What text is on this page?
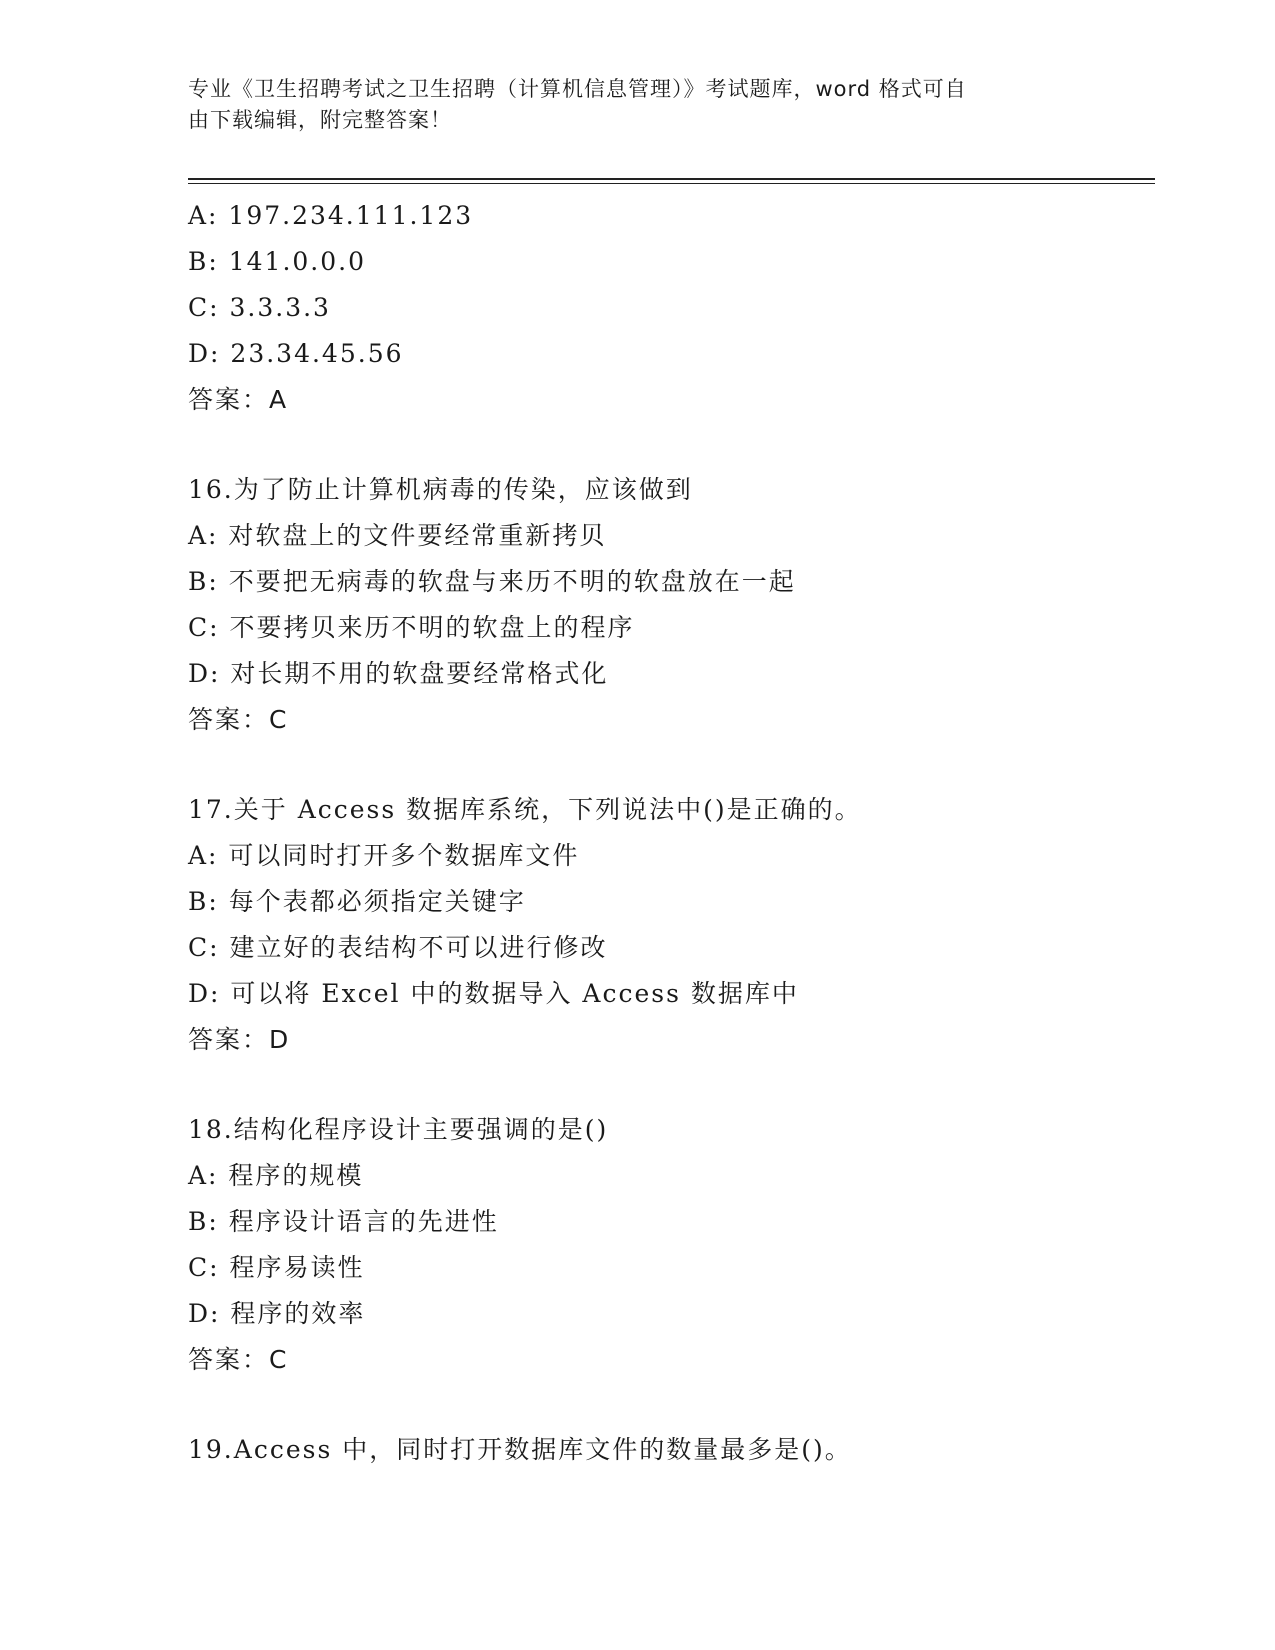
专业《卫生招聘考试之卫生招聘（计算机信息管理）》考试题库，word 格式可自
由下载编辑，附完整答案！
A: 197.234.111.123
B: 141.0.0.0
C: 3.3.3.3
D: 23.34.45.56
答案：A
16.为了防止计算机病毒的传染，应该做到
A: 对软盘上的文件要经常重新拷贝
B: 不要把无病毒的软盘与来历不明的软盘放在一起
C: 不要拷贝来历不明的软盘上的程序
D: 对长期不用的软盘要经常格式化
答案：C
17.关于 Access 数据库系统，下列说法中()是正确的。
A: 可以同时打开多个数据库文件
B: 每个表都必须指定关键字
C: 建立好的表结构不可以进行修改
D: 可以将 Excel 中的数据导入 Access 数据库中
答案：D
18.结构化程序设计主要强调的是()
A: 程序的规模
B: 程序设计语言的先进性
C: 程序易读性
D: 程序的效率
答案：C
19.Access 中，同时打开数据库文件的数量最多是()。
